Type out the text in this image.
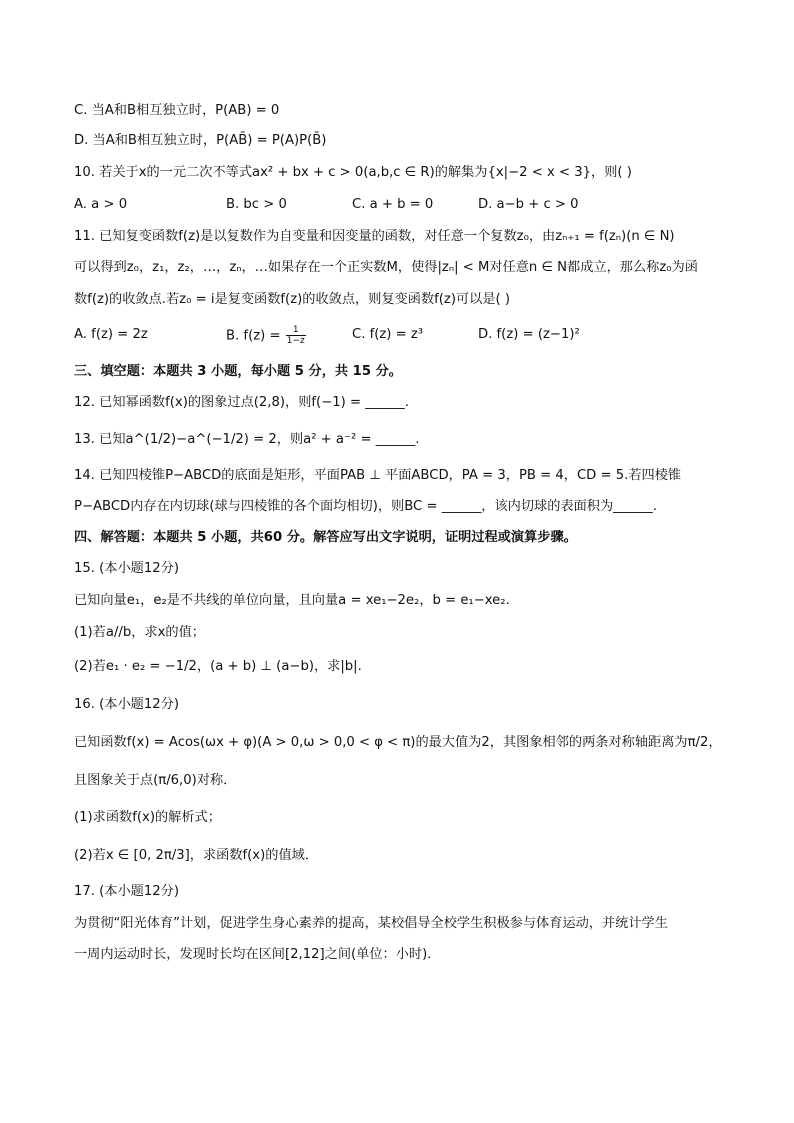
C. 当A和B相互独立时，P(AB) = 0
D. 当A和B相互独立时，P(AB̄) = P(A)P(B̄)
10. 若关于x的一元二次不等式ax² + bx + c > 0(a,b,c ∈ R)的解集为{x|−2 < x < 3}，则( )
A. a > 0	B. bc > 0	C. a + b = 0	D. a−b + c > 0
11. 已知复变函数f(z)是以复数作为自变量和因变量的函数，对任意一个复数z₀，由zₙ₊₁ = f(zₙ)(n ∈ N)
可以得到z₀，z₁，z₂，…，zₙ，…如果存在一个正实数M，使得|zₙ| < M对任意n ∈ N都成立，那么称z₀为函
数f(z)的收敛点.若z₀ = i是复变函数f(z)的收敛点，则复变函数f(z)可以是( )
A. f(z) = 2z	B. $f(z) = \frac{1}{1-z}$	C. f(z) = z³	D. f(z) = (z−1)²
三、填空题：本题共 3 小题，每小题 5 分，共 15 分。
12. 已知幂函数f(x)的图象过点(2,8)，则f(−1) = ______.
13. 已知a^(1/2)−a^(−1/2) = 2，则a² + a⁻² = ______.
14. 已知四棱锥P−ABCD的底面是矩形，平面PAB ⊥ 平面ABCD，PA = 3，PB = 4，CD = 5.若四棱锥
P−ABCD内存在内切球(球与四棱锥的各个面均相切)，则BC = ______，该内切球的表面积为______.
四、解答题：本题共 5 小题，共60 分。解答应写出文字说明，证明过程或演算步骤。
15. (本小题12分)
已知向量e₁，e₂是不共线的单位向量，且向量a = xe₁−2e₂，b = e₁−xe₂.
(1)若a//b，求x的值；
(2)若e₁ · e₂ = −1/2，(a + b) ⊥ (a−b)，求|b|.
16. (本小题12分)
已知函数f(x) = Acos(ωx + φ)(A > 0,ω > 0,0 < φ < π)的最大值为2，其图象相邻的两条对称轴距离为π/2，
且图象关于点(π/6,0)对称．
(1)求函数f(x)的解析式；
(2)若x ∈ [0, 2π/3]，求函数f(x)的值域．
17. (本小题12分)
为贯彻“阳光体育”计划，促进学生身心素养的提高，某校倡导全校学生积极参与体育运动，并统计学生
一周内运动时长，发现时长均在区间[2,12]之间(单位：小时)．
